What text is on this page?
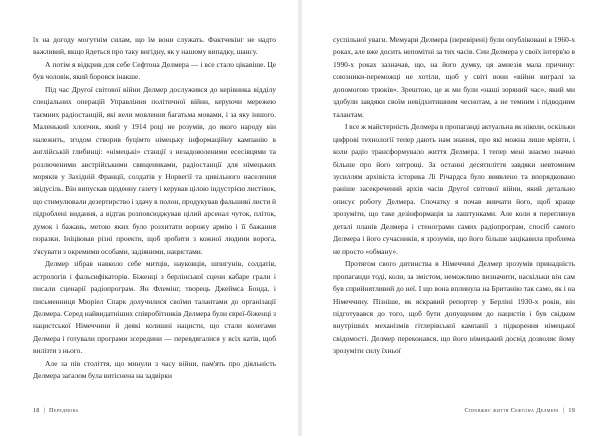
їх на догоду могутнім силам, що їм вони служать. Фактчекінг не надто важливий, якщо йдеться про таку вигідну, як у нашому випадку, шансу.

А потім я відкрив для себе Сефтона Делмера — і все стало цікавіше. Це був чоловік, який боровся інакше.

Під час Другої світової війни Делмер дослужився до керівника відділу спеціальних операцій Управління політичної війни, керуючи мережею таємних радіостанцій, які вели мовлення багатьма мовами, і за яку іншого. Маленький хлопчик, який у 1914 році не розумів, до якого народу він належить, згодом створив буцімто німецьку інформаційну кампанію в англійській глибинці: «німецькі» станції з незадоволеними есесівцями та розлюченими австрійськими священиками, радіостанції для німецьких моряків у Західній Франції, солдатів у Норвегії та цивільного населення звідусіль. Він випускав щоденну газету і керував цілою індустрією листівок, що стимулювали дезертирство і здачу в полон, продукував фальшиві листи й підроблені видання, а відтак розповсюджував цілий арсенал чуток, пліток, думок і бажань, метою яких було розхитати ворожу армію і її бажання поразки. Ініціював різні проекти, щоб зробити з кожної людини ворога, з'ясувати з окремими особами, задіяними, нацистами.

Делмер зібрав навколо себе митців, науковців, шпигунів, солдатів, астрологів і фальсифікаторів. Біженці з берлінської сцени кабаре грали і писали сценарії радіопрограм. Ян Флемінг, творець Джеймса Бонда, і письменниця Мюріел Спарк долучилися своїми талантами до організації Делмера. Серед найвидатніших співробітників Делмера були євреї-біженці з нацистської Німеччини й деякі колишні нацисти, що стали колегами Делмера і готували програми зсередини — перевдягалися у всіх катів, щоб вилізти з нього.

Але за пів століття, що минули з часу війни, пам'ять про діяльність Делмера загалом була витіснена на задвірки

18 | Передмова

суспільної уваги. Мемуари Делмера (перевірені) були опубліковані в 1960-х роках, але вже досить непомітні за тих часів. Син Делмера у своїх інтерв'ю в 1990-х роках зазначав, що, на його думку, ця амнезія мала причину: союзники-переможці не хотіли, щоб у світі вони «війни вигралі за допомогою трюків». Зрештою, це ж ми були «наші зоряний час», який ми здобули завдяки своїм невідхитишним чеснотам, а не темним і підводним талантам.

І все ж майстерність Делмера в пропаганді актуальна як ніколи, оскільки цифрові технології тепер дають нам знання, про які можна лише мріяти, і коли радіо трансформувало життя Делмера. І тепер мені знаємо значно більше про його хитрощі. За останні десятиліття завдяки невтомним зусиллям архівіста історика Лі Річардса було виявлено та впорядковано раніше засекречений архів часів Другої світової війни, який детально описує роботу Делмера. Спочатку я почав вивчати його, щоб краще зрозуміти, що таке дезінформація за лаштунками. Але коли я переглянув деталі планів Делмера і стенограми самих радіопрограм, спосіб самого Делмера і його сучасників, я зрозумів, що його більше зацікавила проблема не просто «обману».

Протягом свого дитинства в Німеччині Делмер зрозумів принадність пропаганди тоді, коли, за змістом, неможливо визначити, наскільки він сам був сприйнятливий до неї. І що вона вплинула на Британію так само, як і на Німеччину. Пізніше, як яскравий репортер у Берліні 1930-х років, він підготувався до того, щоб бути допущеним до нацистів і був свідком внутрішніх механізмів гітлерівської кампанії з підкорення німецької свідомості. Делмер переконався, що його німецький досвід дозволяє йому зрозуміти силу їхньої

Справжнє життя Сефтона Делмера | 19
